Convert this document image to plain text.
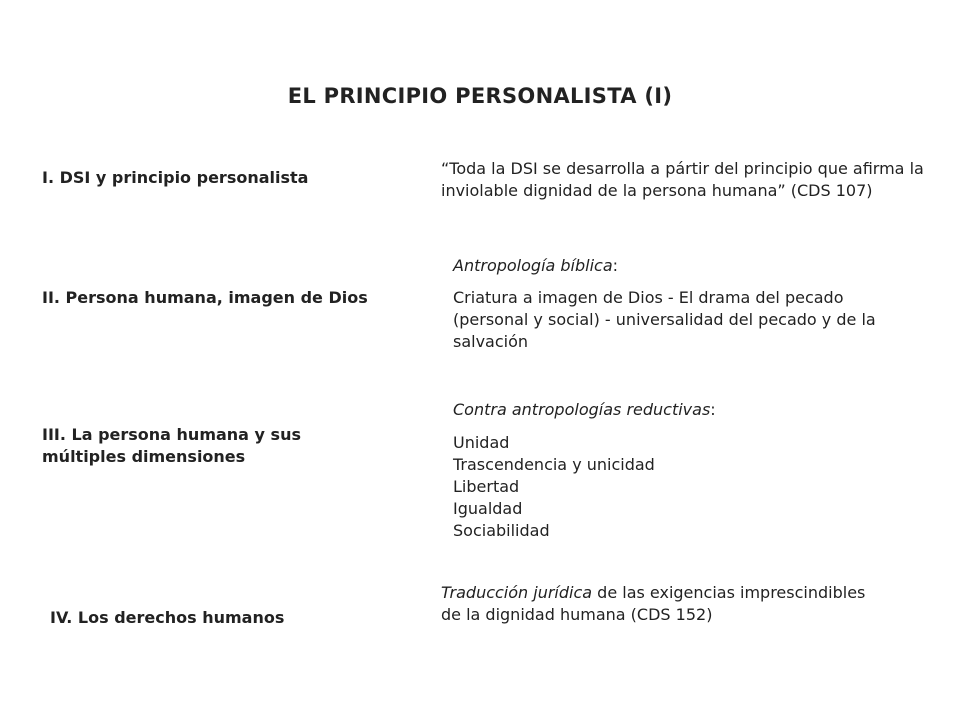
EL PRINCIPIO PERSONALISTA (I)
I. DSI y principio personalista	“Toda la DSI se desarrolla a pártir del principio que afirma la inviolable dignidad de la persona humana” (CDS 107)
II. Persona humana, imagen de Dios
Antropología bíblica:
Criatura a imagen de Dios - El drama del pecado (personal y social) - universalidad del pecado y de la salvación
III. La persona humana y sus múltiples dimensiones
Contra antropologías reductivas:
Unidad
Trascendencia y unicidad
Libertad
Igualdad
Sociabilidad
IV. Los derechos humanos
Traducción jurídica de las exigencias imprescindibles de la dignidad humana (CDS 152)
